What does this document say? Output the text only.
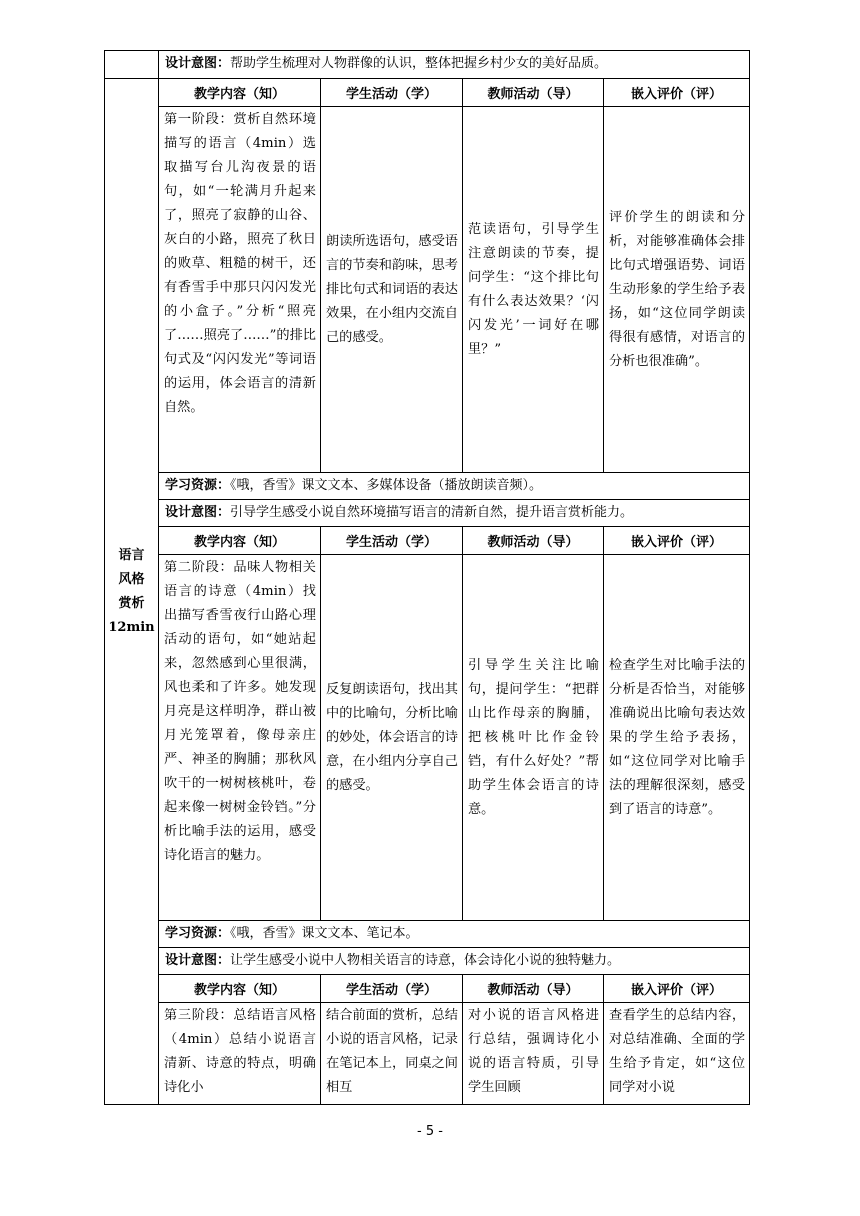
	设计意图：帮助学生梳理对人物群像的认识，整体把握乡村少女的美好品质。			

语言
风格
赏析
12min	教学内容（知）	学生活动（学）	教师活动（导）	嵌入评价（评）
	第一阶段：赏析自然环境描写的语言（4min）选取描写台儿沟夜景的语句，如“一轮满月升起来了，照亮了寂静的山谷、灰白的小路，照亮了秋日的败草、粗糙的树干，还有香雪手中那只闪闪发光的小盒子。”分析“照亮了……照亮了……”的排比句式及“闪闪发光”等词语的运用，体会语言的清新自然。	朗读所选语句，感受语言的节奏和韵味，思考排比句式和词语的表达效果，在小组内交流自己的感受。	范读语句，引导学生注意朗读的节奏，提问学生：“这个排比句有什么表达效果？‘闪闪发光’一词好在哪里？”	评价学生的朗读和分析，对能够准确体会排比句式增强语势、词语生动形象的学生给予表扬，如“这位同学朗读得很有感情，对语言的分析也很准确”。
	学习资源：《哦，香雪》课文文本、多媒体设备（播放朗读音频）。			
	设计意图：引导学生感受小说自然环境描写语言的清新自然，提升语言赏析能力。			
	教学内容（知）	学生活动（学）	教师活动（导）	嵌入评价（评）
	第二阶段：品味人物相关语言的诗意（4min）找出描写香雪夜行山路心理活动的语句，如“她站起来，忽然感到心里很满，风也柔和了许多。她发现月亮是这样明净，群山被月光笼罩着，像母亲庄严、神圣的胸脯；那秋风吹干的一树树核桃叶，卷起来像一树树金铃铛。”分析比喻手法的运用，感受诗化语言的魅力。	反复朗读语句，找出其中的比喻句，分析比喻的妙处，体会语言的诗意，在小组内分享自己的感受。	引导学生关注比喻句，提问学生：“把群山比作母亲的胸脯，把核桃叶比作金铃铛，有什么好处？”帮助学生体会语言的诗意。	检查学生对比喻手法的分析是否恰当，对能够准确说出比喻句表达效果的学生给予表扬，如“这位同学对比喻手法的理解很深刻，感受到了语言的诗意”。
	学习资源：《哦，香雪》课文文本、笔记本。			
	设计意图：让学生感受小说中人物相关语言的诗意，体会诗化小说的独特魅力。			
	教学内容（知）	学生活动（学）	教师活动（导）	嵌入评价（评）
	第三阶段：总结语言风格（4min）总结小说语言清新、诗意的特点，明确诗化小	结合前面的赏析，总结小说的语言风格，记录在笔记本上，同桌之间相互	对小说的语言风格进行总结，强调诗化小说的语言特质，引导学生回顾	查看学生的总结内容，对总结准确、全面的学生给予肯定，如“这位同学对小说
- 5 -
